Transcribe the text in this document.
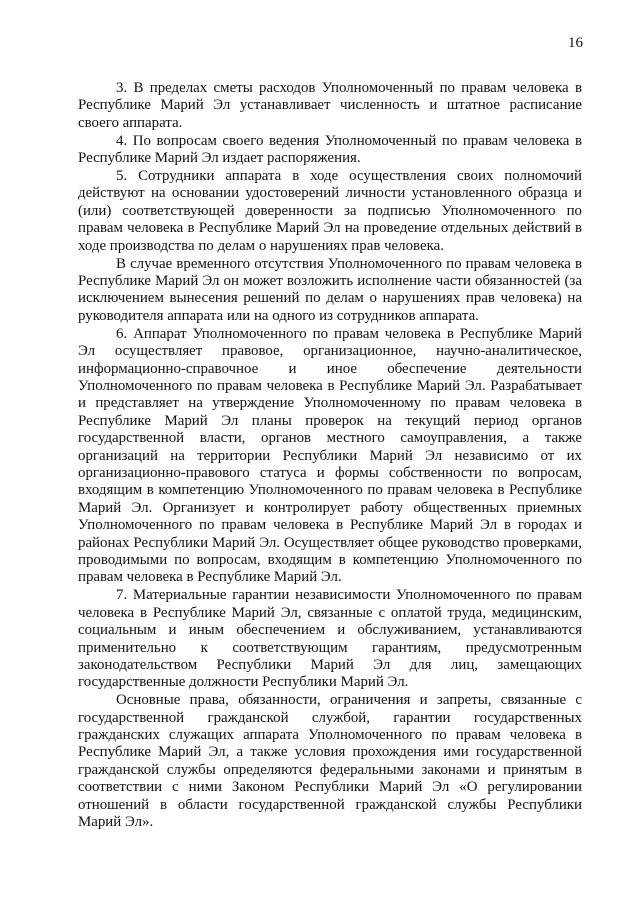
16

3. В пределах сметы расходов Уполномоченный по правам человека в Республике Марий Эл устанавливает численность и штатное расписание своего аппарата.

4. По вопросам своего ведения Уполномоченный по правам человека в Республике Марий Эл издает распоряжения.

5. Сотрудники аппарата в ходе осуществления своих полномочий действуют на основании удостоверений личности установленного образца и (или) соответствующей доверенности за подписью Уполномоченного по правам человека в Республике Марий Эл на проведение отдельных действий в ходе производства по делам о нарушениях прав человека.

В случае временного отсутствия Уполномоченного по правам человека в Республике Марий Эл он может возложить исполнение части обязанностей (за исключением вынесения решений по делам о нарушениях прав человека) на руководителя аппарата или на одного из сотрудников аппарата.

6. Аппарат Уполномоченного по правам человека в Республике Марий Эл осуществляет правовое, организационное, научно-аналитическое, информационно-справочное и иное обеспечение деятельности Уполномоченного по правам человека в Республике Марий Эл. Разрабатывает и представляет на утверждение Уполномоченному по правам человека в Республике Марий Эл планы проверок на текущий период органов государственной власти, органов местного самоуправления, а также организаций на территории Республики Марий Эл независимо от их организационно-правового статуса и формы собственности по вопросам, входящим в компетенцию Уполномоченного по правам человека в Республике Марий Эл. Организует и контролирует работу общественных приемных Уполномоченного по правам человека в Республике Марий Эл в городах и районах Республики Марий Эл. Осуществляет общее руководство проверками, проводимыми по вопросам, входящим в компетенцию Уполномоченного по правам человека в Республике Марий Эл.

7. Материальные гарантии независимости Уполномоченного по правам человека в Республике Марий Эл, связанные с оплатой труда, медицинским, социальным и иным обеспечением и обслуживанием, устанавливаются применительно к соответствующим гарантиям, предусмотренным законодательством Республики Марий Эл для лиц, замещающих государственные должности Республики Марий Эл.

Основные права, обязанности, ограничения и запреты, связанные с государственной гражданской службой, гарантии государственных гражданских служащих аппарата Уполномоченного по правам человека в Республике Марий Эл, а также условия прохождения ими государственной гражданской службы определяются федеральными законами и принятым в соответствии с ними Законом Республики Марий Эл «О регулировании отношений в области государственной гражданской службы Республики Марий Эл».
